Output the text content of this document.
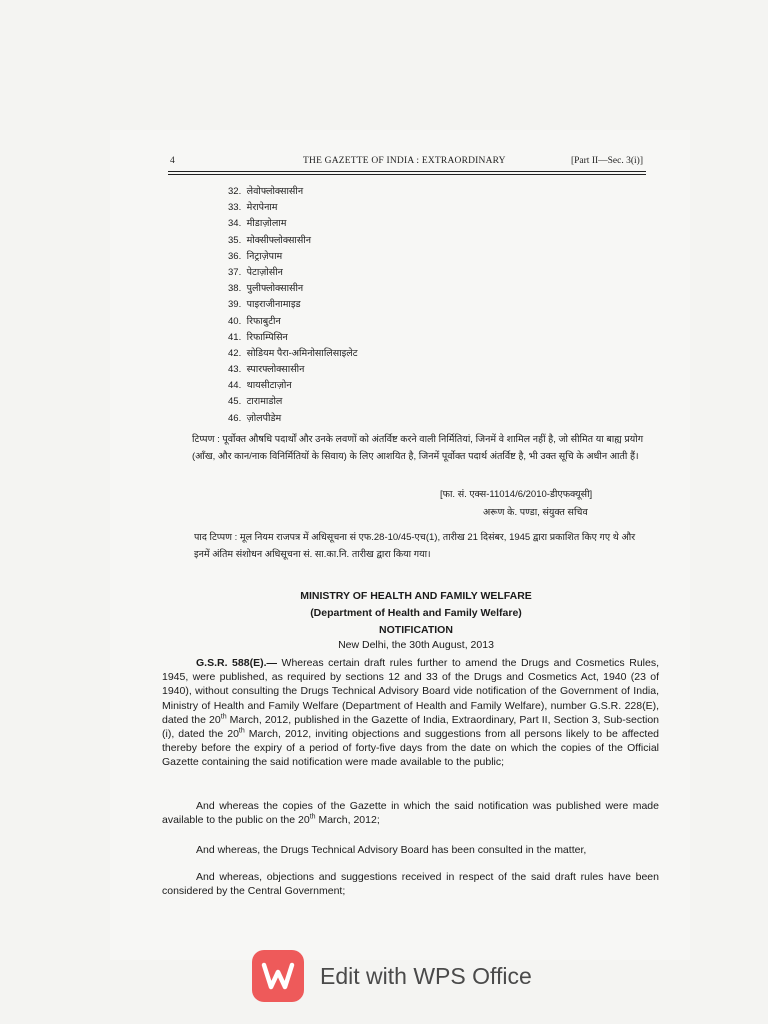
4	THE GAZETTE OF INDIA : EXTRAORDINARY	[Part II—Sec. 3(i)]
32. लेवोफ्लोक्सासीन
33. मेरापेनाम
34. मीडाज़ोलाम
35. मोक्सीफ्लोक्सासीन
36. निट्राज़ेपाम
37. पेटाज़ोसीन
38. पुलीफ्लोक्सासीन
39. पाइराजीनामाइड
40. रिफाबुटीन
41. रिफाम्पिसिन
42. सोडियम पैरा-अमिनोसालिसाइलेट
43. स्पारफ्लोक्सासीन
44. थायसीटाज़ोन
45. टारामाडोल
46. ज़ोलपीडेम
टिप्पण : पूर्वोक्त औषधि पदार्थों और उनके लवणों को अंतर्विष्ट करने वाली निर्मितियां, जिनमें वे शामिल नहीं है, जो सीमित या बाह्य प्रयोग (आँख, और कान/नाक विनिर्मितियों के सिवाय) के लिए आशयित है, जिनमें पूर्वोक्त पदार्थ अंतर्विष्ट है, भी उक्त सूचि के अधीन आती हैं।
[फा. सं. एक्स-11014/6/2010-डीएफक्यूसी]
अरूण के. पण्डा, संयुक्त सचिव
पाद टिप्पण : मूल नियम राजपत्र में अधिसूचना सं एफ.28-10/45-एच(1), तारीख 21 दिसंबर, 1945 द्वारा प्रकाशित किए गए थे और इनमें अंतिम संशोधन अधिसूचना सं. सा.का.नि. तारीख द्वारा किया गया।
MINISTRY OF HEALTH AND FAMILY WELFARE
(Department of Health and Family Welfare)
NOTIFICATION
New Delhi, the 30th August, 2013
G.S.R. 588(E).— Whereas certain draft rules further to amend the Drugs and Cosmetics Rules, 1945, were published, as required by sections 12 and 33 of the Drugs and Cosmetics Act, 1940 (23 of 1940), without consulting the Drugs Technical Advisory Board vide notification of the Government of India, Ministry of Health and Family Welfare (Department of Health and Family Welfare), number G.S.R. 228(E), dated the 20th March, 2012, published in the Gazette of India, Extraordinary, Part II, Section 3, Sub-section (i), dated the 20th March, 2012, inviting objections and suggestions from all persons likely to be affected thereby before the expiry of a period of forty-five days from the date on which the copies of the Official Gazette containing the said notification were made available to the public;
And whereas the copies of the Gazette in which the said notification was published were made available to the public on the 20th March, 2012;
And whereas, the Drugs Technical Advisory Board has been consulted in the matter,
And whereas, objections and suggestions received in respect of the said draft rules have been considered by the Central Government;
Edit with WPS Office
